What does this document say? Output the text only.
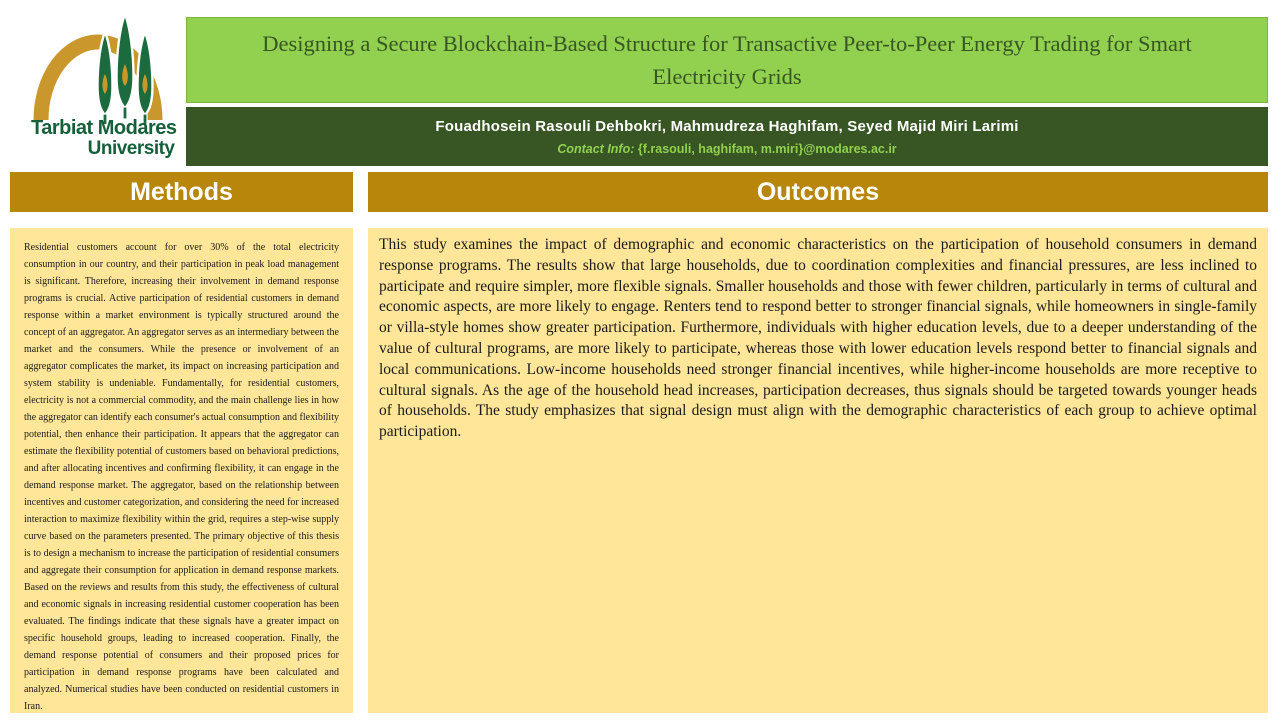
Tarbiat Modares
University
Designing a Secure Blockchain-Based Structure for Transactive Peer-to-Peer Energy Trading for Smart Electricity Grids
Fouadhosein Rasouli Dehbokri, Mahmudreza Haghifam, Seyed Majid Miri Larimi
Contact Info: {f.rasouli, haghifam, m.miri}@modares.ac.ir
Methods

Residential customers account for over 30% of the total electricity consumption in our country, and their participation in peak load management is significant. Therefore, increasing their involvement in demand response programs is crucial. Active participation of residential customers in demand response within a market environment is typically structured around the concept of an aggregator. An aggregator serves as an intermediary between the market and the consumers. While the presence or involvement of an aggregator complicates the market, its impact on increasing participation and system stability is undeniable. Fundamentally, for residential customers, electricity is not a commercial commodity, and the main challenge lies in how the aggregator can identify each consumer's actual consumption and flexibility potential, then enhance their participation. It appears that the aggregator can estimate the flexibility potential of customers based on behavioral predictions, and after allocating incentives and confirming flexibility, it can engage in the demand response market. The aggregator, based on the relationship between incentives and customer categorization, and considering the need for increased interaction to maximize flexibility within the grid, requires a step-wise supply curve based on the parameters presented. The primary objective of this thesis is to design a mechanism to increase the participation of residential consumers and aggregate their consumption for application in demand response markets. Based on the reviews and results from this study, the effectiveness of cultural and economic signals in increasing residential customer cooperation has been evaluated. The findings indicate that these signals have a greater impact on specific household groups, leading to increased cooperation. Finally, the demand response potential of consumers and their proposed prices for participation in demand response programs have been calculated and analyzed. Numerical studies have been conducted on residential customers in Iran.

Outcomes

This study examines the impact of demographic and economic characteristics on the participation of household consumers in demand response programs. The results show that large households, due to coordination complexities and financial pressures, are less inclined to participate and require simpler, more flexible signals. Smaller households and those with fewer children, particularly in terms of cultural and economic aspects, are more likely to engage. Renters tend to respond better to stronger financial signals, while homeowners in single-family or villa-style homes show greater participation. Furthermore, individuals with higher education levels, due to a deeper understanding of the value of cultural programs, are more likely to participate, whereas those with lower education levels respond better to financial signals and local communications. Low-income households need stronger financial incentives, while higher-income households are more receptive to cultural signals. As the age of the household head increases, participation decreases, thus signals should be targeted towards younger heads of households. The study emphasizes that signal design must align with the demographic characteristics of each group to achieve optimal participation.
